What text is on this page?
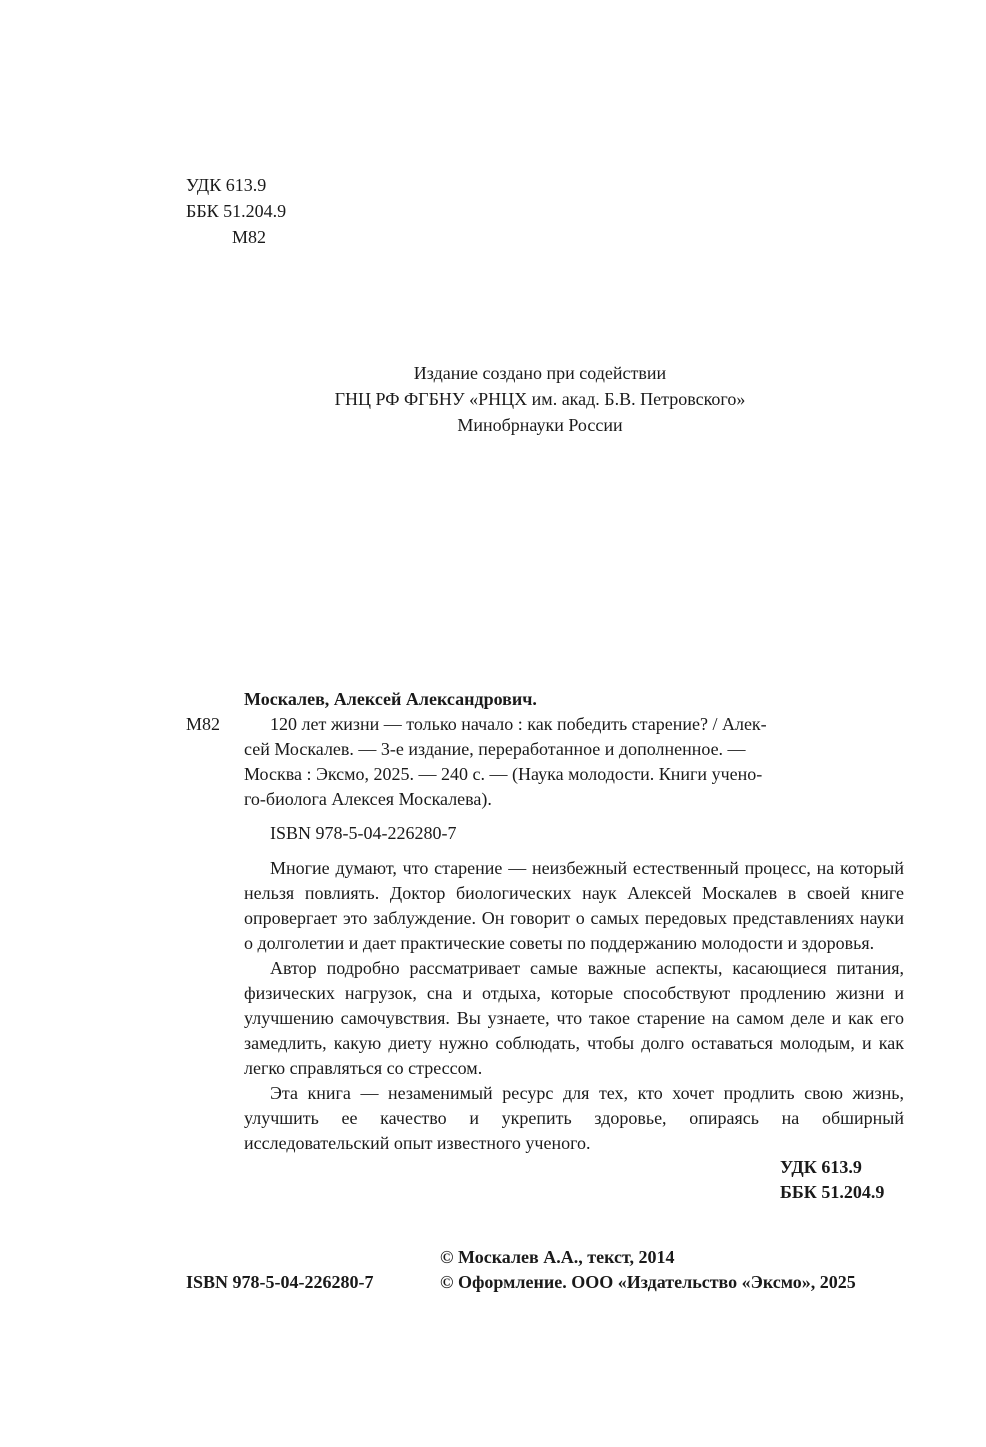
УДК 613.9
ББК 51.204.9
М82
Издание создано при содействии
ГНЦ РФ ФГБНУ «РНЦХ им. акад. Б.В. Петровского»
Минобрнауки России
Москалев, Алексей Александрович.
М82	120 лет жизни — только начало : как победить старение? / Алек-
сей Москалев. — 3-е издание, переработанное и дополненное. —
Москва : Эксмо, 2025. — 240 с. — (Наука молодости. Книги учено-
го-биолога Алексея Москалева).
ISBN 978-5-04-226280-7

Многие думают, что старение — неизбежный естественный процесс, на который нельзя повлиять. Доктор биологических наук Алексей Москалев в своей книге опровергает это заблуждение. Он говорит о самых передовых представлениях науки о долголетии и дает практические советы по поддержанию молодости и здоровья.

Автор подробно рассматривает самые важные аспекты, касающиеся питания, физических нагрузок, сна и отдыха, которые способствуют продлению жизни и улучшению самочувствия. Вы узнаете, что такое старение на самом деле и как его замедлить, какую диету нужно соблюдать, чтобы долго оставаться молодым, и как легко справляться со стрессом.

Эта книга — незаменимый ресурс для тех, кто хочет продлить свою жизнь, улучшить ее качество и укрепить здоровье, опираясь на обширный исследовательский опыт известного ученого.

УДК 613.9
ББК 51.204.9
© Москалев А.А., текст, 2014
© Оформление. ООО «Издательство «Эксмо», 2025
ISBN 978-5-04-226280-7
